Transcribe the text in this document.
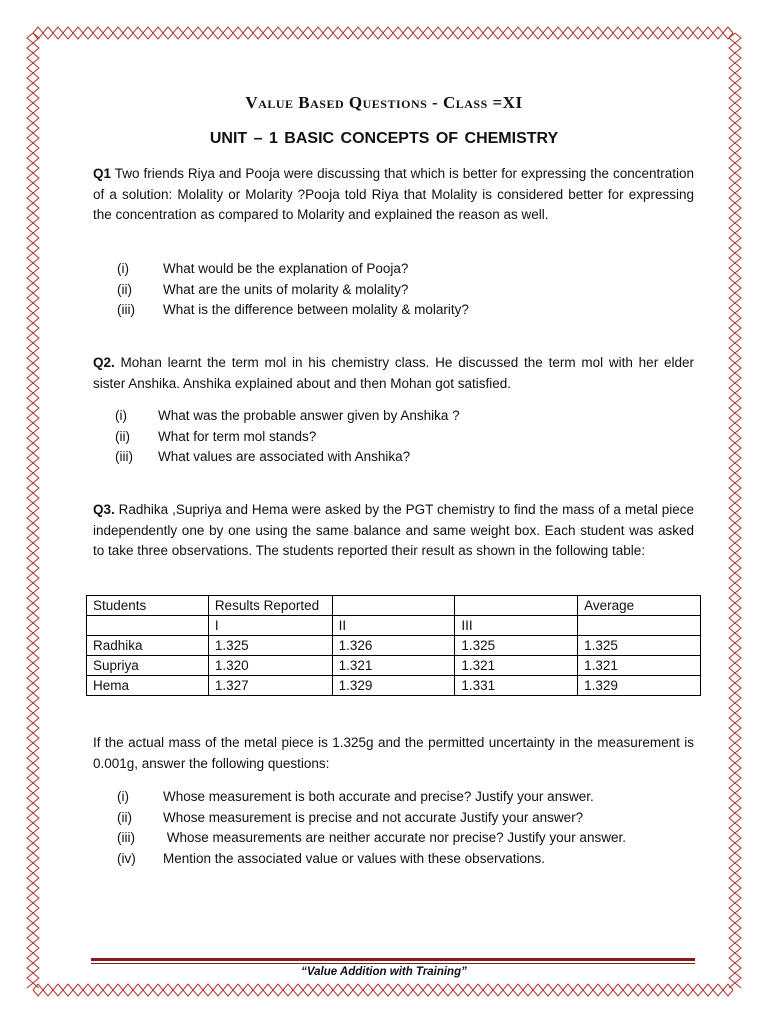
Value Based Questions - Class =XI
UNIT – 1 BASIC CONCEPTS OF CHEMISTRY

Q1 Two friends Riya and Pooja were discussing that which is better for expressing the concentration of a solution: Molality or Molarity ?Pooja told Riya that Molality is considered better for expressing the concentration as compared to Molarity and explained the reason as well.

(i)	What would be the explanation of Pooja?
(ii) What are the units of molarity & molality?
(iii) What is the difference between molality & molarity?

Q2. Mohan learnt the term mol in his chemistry class. He discussed the term mol with her elder sister Anshika. Anshika explained about and then Mohan got satisfied.

(i) What was the probable answer given by Anshika ?
(ii) What for term mol stands?
(iii) What values are associated with Anshika?

Q3. Radhika ,Supriya and Hema were asked by the PGT chemistry to find the mass of a metal piece independently one by one using the same balance and same weight box. Each student was asked to take three observations. The students reported their result as shown in the following table:

Students	Results Reported			Average
	I	II	III	
Radhika	1.325	1.326	1.325	1.325
Supriya	1.320	1.321	1.321	1.321
Hema	1.327	1.329	1.331	1.329

If the actual mass of the metal piece is 1.325g and the permitted uncertainty in the measurement is 0.001g, answer the following questions:

(i)	Whose measurement is both accurate and precise? Justify your answer.
(ii) Whose measurement is precise and not accurate Justify your answer?
(iii) Whose measurements are neither accurate nor precise? Justify your answer.
(iv) Mention the associated value or values with these observations.
“Value Addition with Training”
